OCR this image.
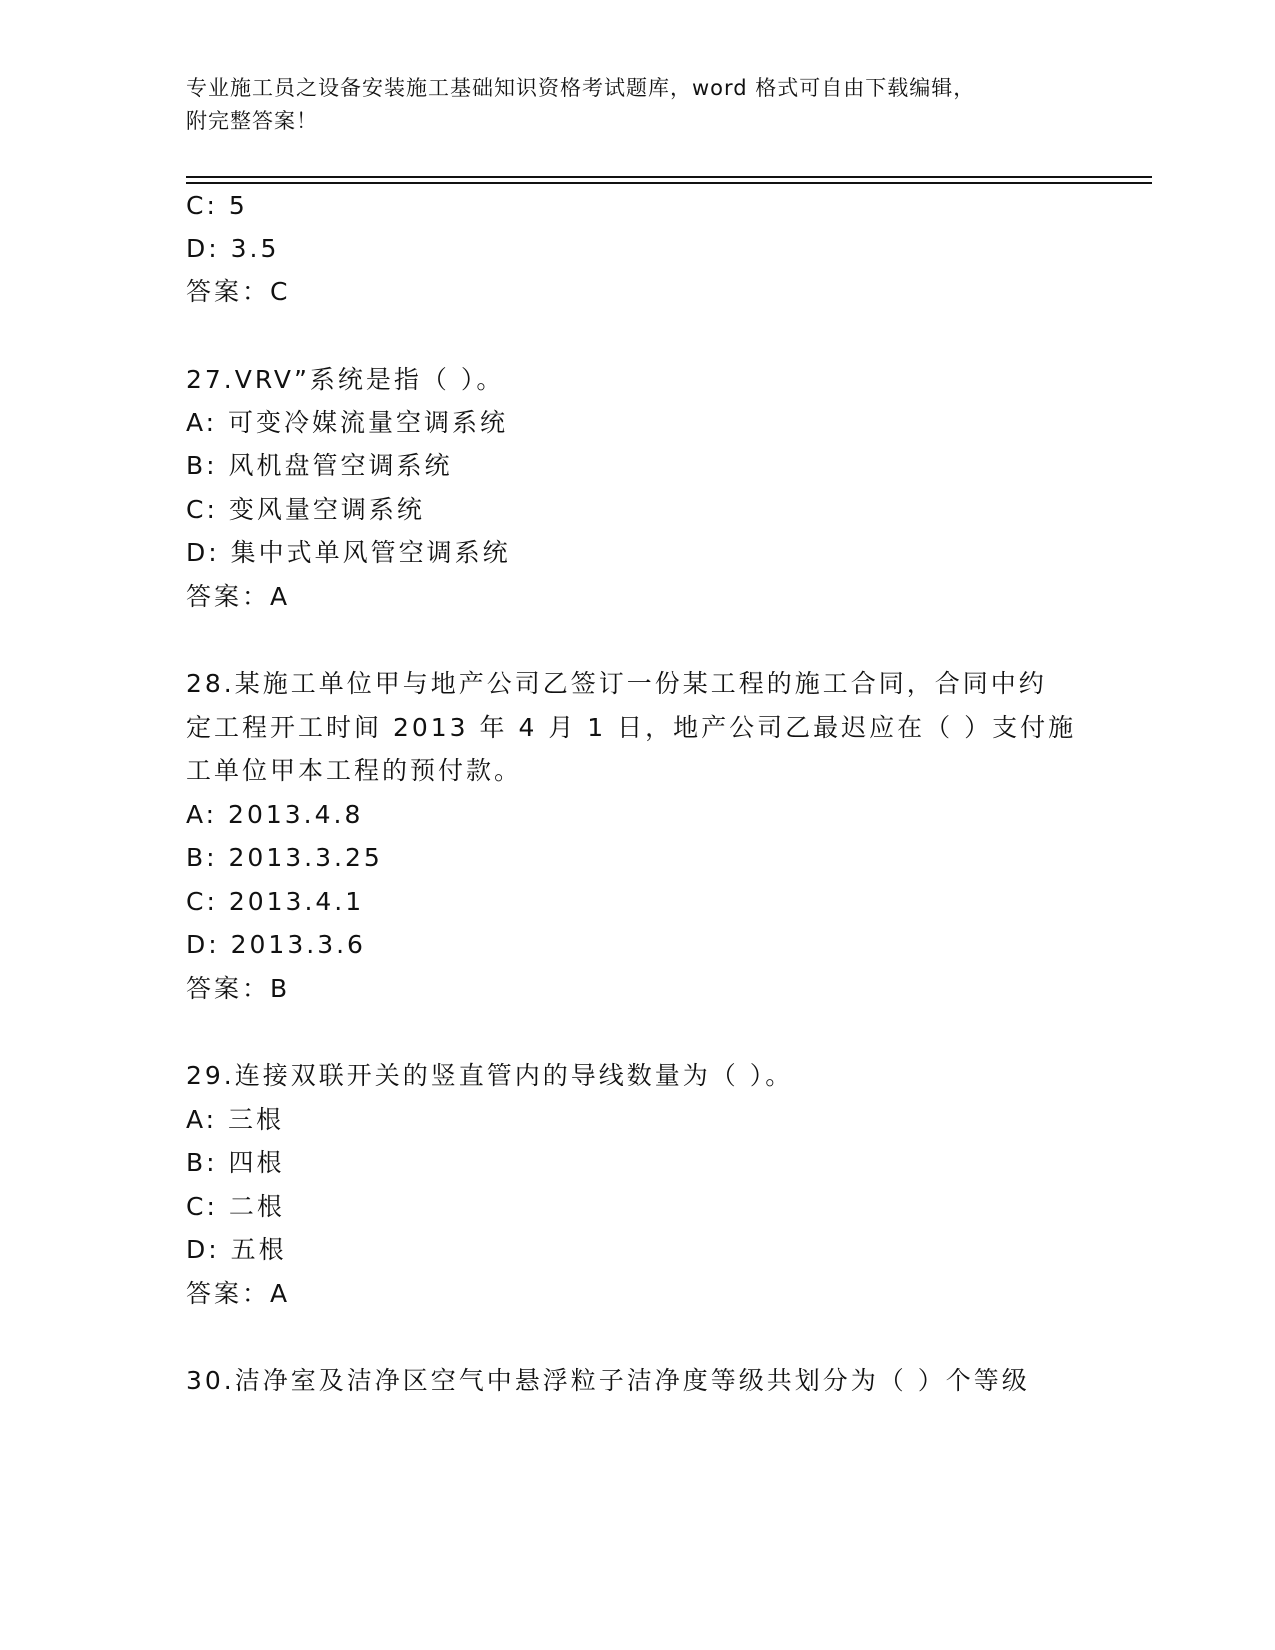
专业施工员之设备安装施工基础知识资格考试题库，word 格式可自由下载编辑，
附完整答案！
C: 5
D: 3.5
答案：C
27.VRV”系统是指（ ）。
A: 可变冷媒流量空调系统
B: 风机盘管空调系统
C: 变风量空调系统
D: 集中式单风管空调系统
答案：A
28.某施工单位甲与地产公司乙签订一份某工程的施工合同，合同中约
定工程开工时间 2013 年 4 月 1 日，地产公司乙最迟应在（ ）支付施
工单位甲本工程的预付款。
A: 2013.4.8
B: 2013.3.25
C: 2013.4.1
D: 2013.3.6
答案：B
29.连接双联开关的竖直管内的导线数量为（ ）。
A: 三根
B: 四根
C: 二根
D: 五根
答案：A
30.洁净室及洁净区空气中悬浮粒子洁净度等级共划分为（ ）个等级
